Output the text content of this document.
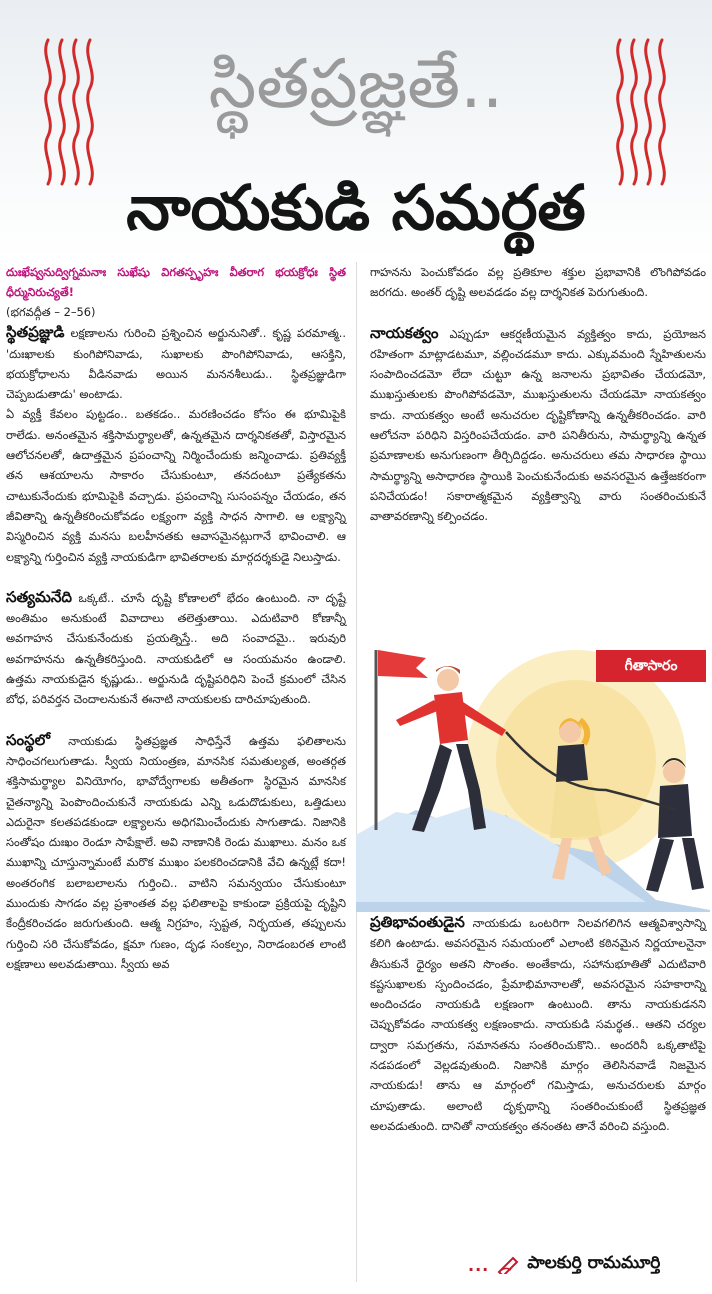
స్థితప్రజ్ఞతే..
నాయకుడి సమర్థత

దుఃఖేష్వనుద్విగ్నమనాః సుఖేషు విగతస్పృహః వీతరాగ భయక్రోధః స్థిత ధీర్మునిరుచ్యతే!

(భగవద్గీత – 2–56)

స్థితప్రజ్ఞుడి లక్షణాలను గురించి ప్రశ్నించిన అర్జునునితో.. కృష్ణ పరమాత్మ.. 'దుఃఖాలకు కుంగిపోనివాడు, సుఖాలకు పొంగిపోనివాడు, ఆసక్తిని, భయక్రోధాలను వీడినవాడు అయిన మననశీలుడు.. స్థితప్రజ్ఞుడిగా చెప్పబడుతాడు' అంటాడు.

ఏ వ్యక్తీ కేవలం పుట్టడం.. బతకడం.. మరణించడం కోసం ఈ భూమిపైకి రాలేడు. అనంతమైన శక్తిసామర్థ్యాలతో, ఉన్నతమైన దార్శనికతతో, విస్తారమైన ఆలోచనలతో, ఉదాత్తమైన ప్రపంచాన్ని నిర్మించేందుకు జన్మించాడు. ప్రతివ్యక్తీ తన ఆశయాలను సాకారం చేసుకుంటూ, తనదంటూ ప్రత్యేకతను చాటుకునేందుకు భూమిపైకి వచ్చాడు. ప్రపంచాన్ని సుసంపన్నం చేయడం, తన జీవితాన్ని ఉన్నతీకరించుకోవడం లక్ష్యంగా వ్యక్తి సాధన సాగాలి. ఆ లక్ష్యాన్ని విస్మరించిన వ్యక్తి మనసు బలహీనతకు ఆవాసమైనట్లుగానే భావించాలి. ఆ లక్ష్యాన్ని గుర్తించిన వ్యక్తి నాయకుడిగా భావితరాలకు మార్గదర్శకుడై నిలుస్తాడు.

సత్యమనేది ఒక్కటే.. చూసే దృష్టి కోణాలలో భేదం ఉంటుంది. నా దృష్టే అంతిమం అనుకుంటే వివాదాలు తలెత్తుతాయి. ఎదుటివారి కోణాన్నీ అవగాహన చేసుకునేందుకు ప్రయత్నిస్తే.. అది సంవాదమై.. ఇరువురి అవగాహనను ఉన్నతీకరిస్తుంది. నాయకుడిలో ఆ సంయమనం ఉండాలి. ఉత్తమ నాయకుడైన కృష్ణుడు.. అర్జునుడి దృష్టిపరిధిని పెంచే క్రమంలో చేసిన బోధ, పరివర్తన చెందాలనుకునే ఈనాటి నాయకులకు దారిచూపుతుంది.

సంస్థలో నాయకుడు స్థితప్రజ్ఞత సాధిస్తేనే ఉత్తమ ఫలితాలను సాధించగలుగుతాడు. స్వీయ నియంత్రణ, మానసిక సమతుల్యత, అంతర్గత శక్తిసామర్థ్యాల వినియోగం, భావోద్వేగాలకు అతీతంగా స్థిరమైన మానసిక చైతన్యాన్ని పెంపొందించుకునే నాయకుడు ఎన్ని ఒడుదొడుకులు, ఒత్తిడులు ఎదురైనా కలతపడకుండా లక్ష్యాలను అధిగమించేందుకు సాగుతాడు. నిజానికి సంతోషం దుఃఖం రెండూ సాపేక్షాలే. అవి నాణానికి రెండు ముఖాలు. మనం ఒక ముఖాన్ని చూస్తున్నామంటే మరొక ముఖం పలకరించడానికి వేచి ఉన్నట్లే కదా! అంతరంగిక బలాబలాలను గుర్తించి.. వాటిని సమన్వయం చేసుకుంటూ ముందుకు సాగడం వల్ల ప్రశాంతత వల్ల ఫలితాలపై కాకుండా ప్రక్రియపై దృష్టిని కేంద్రీకరించడం జరుగుతుంది. ఆత్మ నిగ్రహం, స్పష్టత, నిర్భయత, తప్పులను గుర్తించి సరి చేసుకోవడం, క్షమా గుణం, దృఢ సంకల్పం, నిరాడంబరత లాంటి లక్షణాలు అలవడుతాయి. స్వీయ అవ

గాహనను పెంచుకోవడం వల్ల ప్రతికూల శక్తుల ప్రభావానికి లొంగిపోవడం జరగదు. అంతర్ దృష్టి అలవడడం వల్ల దార్శనికత పెరుగుతుంది.

నాయకత్వం ఎప్పుడూ ఆకర్షణీయమైన వ్యక్తిత్వం కాదు, ప్రయోజన రహితంగా మాట్లాడటమూ, వల్లించడమూ కాదు. ఎక్కువమంది స్నేహితులను సంపాదించడమో లేదా చుట్టూ ఉన్న జనాలను ప్రభావితం చేయడమో, ముఖస్తుతులకు పొంగిపోవడమో, ముఖస్తుతులను చేయడమో నాయకత్వం కాదు. నాయకత్వం అంటే అనుచరుల దృష్టికోణాన్ని ఉన్నతీకరించడం. వారి ఆలోచనా పరిధిని విస్తరింపచేయడం. వారి పనితీరును, సామర్థ్యాన్ని ఉన్నత ప్రమాణాలకు అనుగుణంగా తీర్చిదిద్దడం. అనుచరులు తమ సాధారణ స్థాయి సామర్థ్యాన్ని అసాధారణ స్థాయికి పెంచుకునేందుకు అవసరమైన ఉత్తేజకరంగా పనిచేయడం! సకారాత్మకమైన వ్యక్తిత్వాన్ని వారు సంతరించుకునే వాతావరణాన్ని కల్పించడం.

గీతాసారం

ప్రతిభావంతుడైన నాయకుడు ఒంటరిగా నిలవగలిగిన ఆత్మవిశ్వాసాన్ని కలిగి ఉంటాడు. అవసరమైన సమయంలో ఎలాంటి కఠినమైన నిర్ణయాలనైనా తీసుకునే ధైర్యం అతని సొంతం. అంతేకాదు, సహానుభూతితో ఎదుటివారి కష్టసుఖాలకు స్పందించడం, ప్రేమాభిమానాలతో, అవసరమైన సహకారాన్ని అందించడం నాయకుడి లక్షణంగా ఉంటుంది. తాను నాయకుడనని చెప్పుకోవడం నాయకత్వ లక్షణంకాదు. నాయకుడి సమర్థత.. ఆతని చర్యల ద్వారా సమగ్రతను, సమానతను సంతరించుకొని.. అందరినీ ఒక్కతాటిపై నడపడంలో వెల్లడవుతుంది. నిజానికి మార్గం తెలిసినవాడే నిజమైన నాయకుడు! తాను ఆ మార్గంలో గమిస్తాడు, అనుచరులకు మార్గం చూపుతాడు. అలాంటి దృక్పథాన్ని సంతరించుకుంటే స్థితప్రజ్ఞత అలవడుతుంది. దానితో నాయకత్వం తనంతట తానే వరించి వస్తుంది.

... పాలకుర్తి రామమూర్తి
